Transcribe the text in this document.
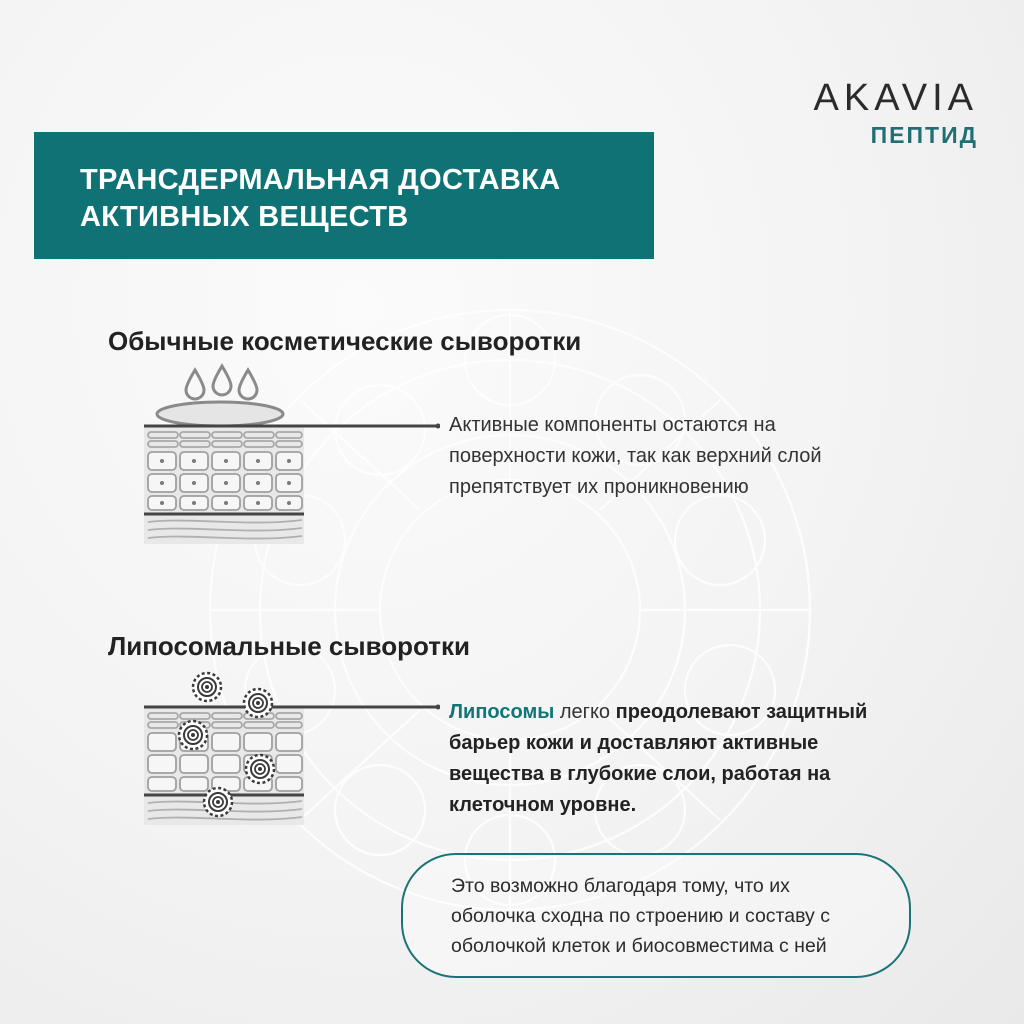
AKAVIA
ПЕПТИД
ТРАНСДЕРМАЛЬНАЯ ДОСТАВКА
АКТИВНЫХ ВЕЩЕСТВ
Обычные косметические сыворотки
Активные компоненты остаются на
поверхности кожи, так как верхний слой
препятствует их проникновению
Липосомальные сыворотки
Липосомы легко преодолевают защитный
барьер кожи и доставляют активные
вещества в глубокие слои, работая на
клеточном уровне.
Это возможно благодаря тому, что их
оболочка сходна по строению и составу с
оболочкой клеток и биосовместима с ней
